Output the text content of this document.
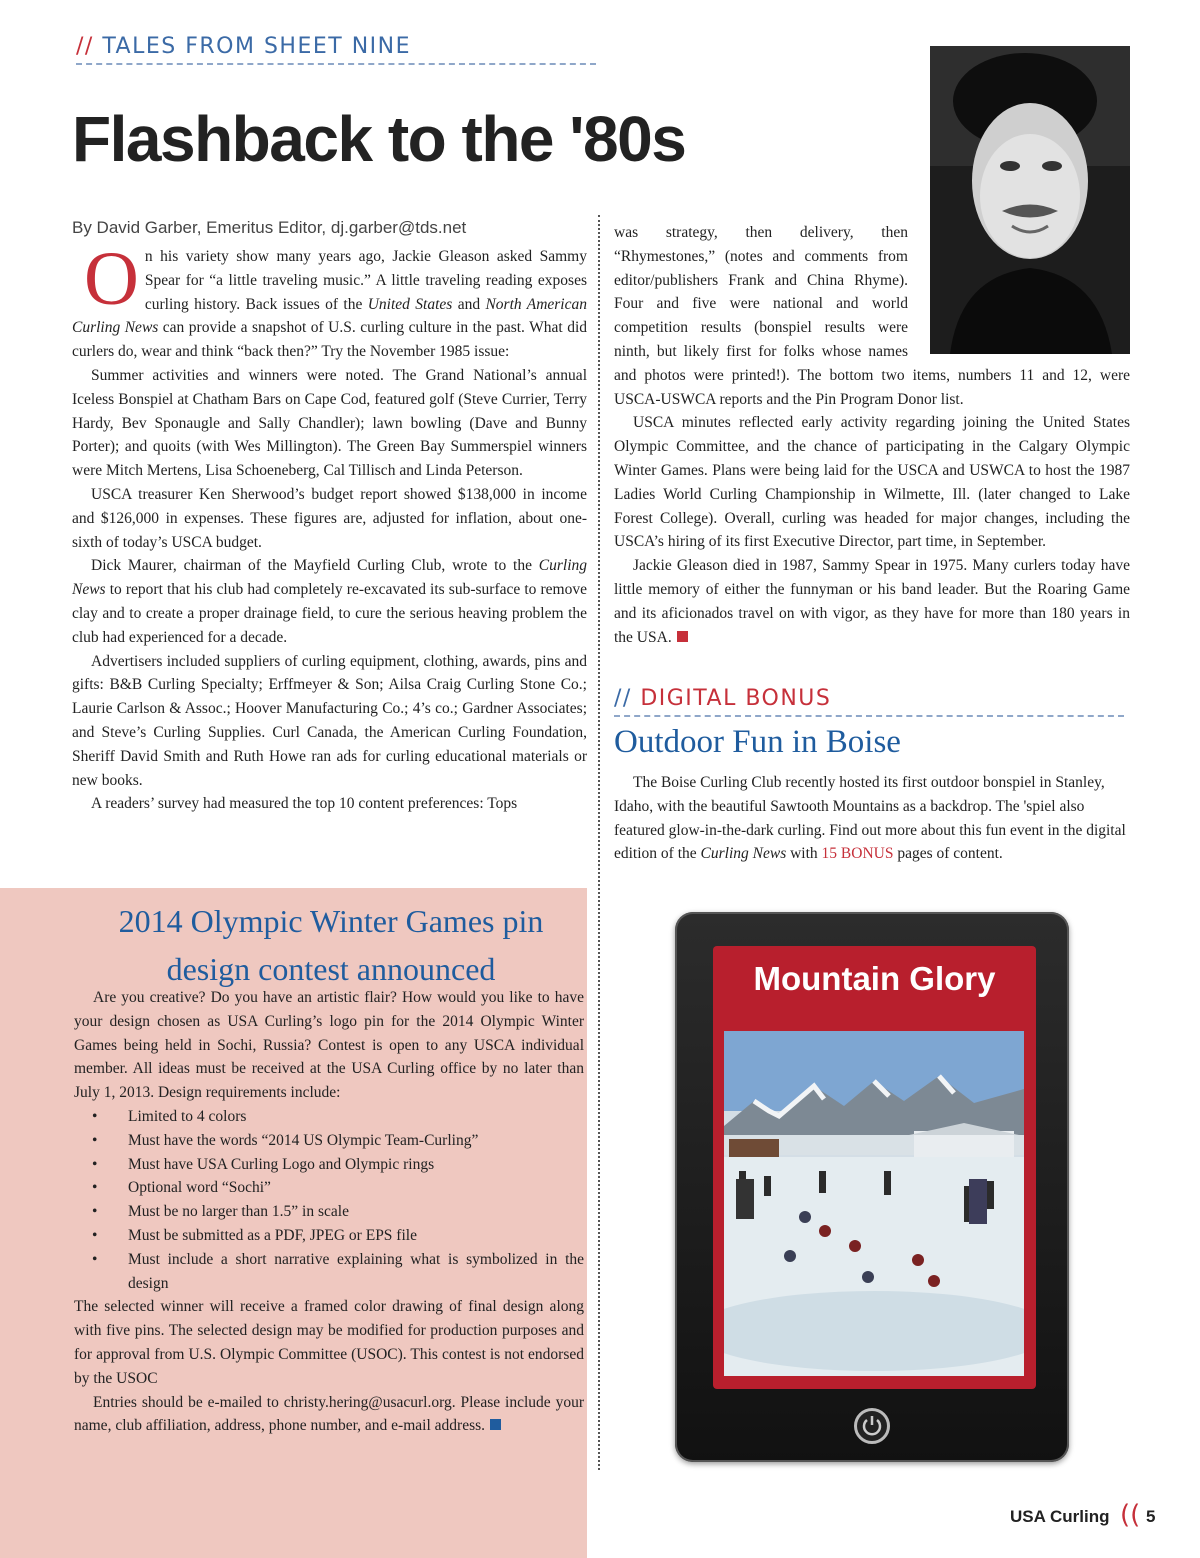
// TALES FROM SHEET NINE
Flashback to the '80s
By David Garber, Emeritus Editor, dj.garber@tds.net

On his variety show many years ago, Jackie Gleason asked Sammy Spear for “a little traveling music.” A little traveling reading exposes curling history. Back issues of the United States and North American Curling News can provide a snapshot of U.S. curling culture in the past. What did curlers do, wear and think “back then?” Try the November 1985 issue:

Summer activities and winners were noted. The Grand National’s annual Iceless Bonspiel at Chatham Bars on Cape Cod, featured golf (Steve Currier, Terry Hardy, Bev Sponaugle and Sally Chandler); lawn bowling (Dave and Bunny Porter); and quoits (with Wes Millington). The Green Bay Summerspiel winners were Mitch Mertens, Lisa Schoeneberg, Cal Tillisch and Linda Peterson.

USCA treasurer Ken Sherwood’s budget report showed $138,000 in income and $126,000 in expenses. These figures are, adjusted for inflation, about one-sixth of today’s USCA budget.

Dick Maurer, chairman of the Mayfield Curling Club, wrote to the Curling News to report that his club had completely re-excavated its sub-surface to remove clay and to create a proper drainage field, to cure the serious heaving problem the club had experienced for a decade.

Advertisers included suppliers of curling equipment, clothing, awards, pins and gifts: B&B Curling Specialty; Erffmeyer & Son; Ailsa Craig Curling Stone Co.; Laurie Carlson & Assoc.; Hoover Manufacturing Co.; 4’s co.; Gardner Associates; and Steve’s Curling Supplies. Curl Canada, the American Curling Foundation, Sheriff David Smith and Ruth Howe ran ads for curling educational materials or new books.

A readers’ survey had measured the top 10 content preferences: Tops

was strategy, then delivery, then “Rhymestones,” (notes and comments from editor/publishers Frank and China Rhyme). Four and five were national and world competition results (bonspiel results were ninth, but likely first for folks whose names and photos were printed!). The bottom two items, numbers 11 and 12, were USCA-USWCA reports and the Pin Program Donor list.

USCA minutes reflected early activity regarding joining the United States Olympic Committee, and the chance of participating in the Calgary Olympic Winter Games. Plans were being laid for the USCA and USWCA to host the 1987 Ladies World Curling Championship in Wilmette, Ill. (later changed to Lake Forest College). Overall, curling was headed for major changes, including the USCA’s hiring of its first Executive Director, part time, in September.

Jackie Gleason died in 1987, Sammy Spear in 1975. Many curlers today have little memory of either the funnyman or his band leader. But the Roaring Game and its aficionados travel on with vigor, as they have for more than 180 years in the USA.

// DIGITAL BONUS
Outdoor Fun in Boise

The Boise Curling Club recently hosted its first outdoor bonspiel in Stanley, Idaho, with the beautiful Sawtooth Mountains as a backdrop. The 'spiel also featured glow-in-the-dark curling. Find out more about this fun event in the digital edition of the Curling News with 15 BONUS pages of content.

Mountain Glory
2014 Olympic Winter Games pin
design contest announced

Are you creative? Do you have an artistic flair? How would you like to have your design chosen as USA Curling’s logo pin for the 2014 Olympic Winter Games being held in Sochi, Russia? Contest is open to any USCA individual member. All ideas must be received at the USA Curling office by no later than July 1, 2013. Design requirements include:

• Limited to 4 colors
• Must have the words “2014 US Olympic Team-Curling”
• Must have USA Curling Logo and Olympic rings
• Optional word “Sochi”
• Must be no larger than 1.5” in scale
• Must be submitted as a PDF, JPEG or EPS file
• Must include a short narrative explaining what is symbolized in the design

The selected winner will receive a framed color drawing of final design along with five pins. The selected design may be modified for production purposes and for approval from U.S. Olympic Committee (USOC). This contest is not endorsed by the USOC

Entries should be e-mailed to christy.hering@usacurl.org. Please include your name, club affiliation, address, phone number, and e-mail address.

USA Curling (( 5
